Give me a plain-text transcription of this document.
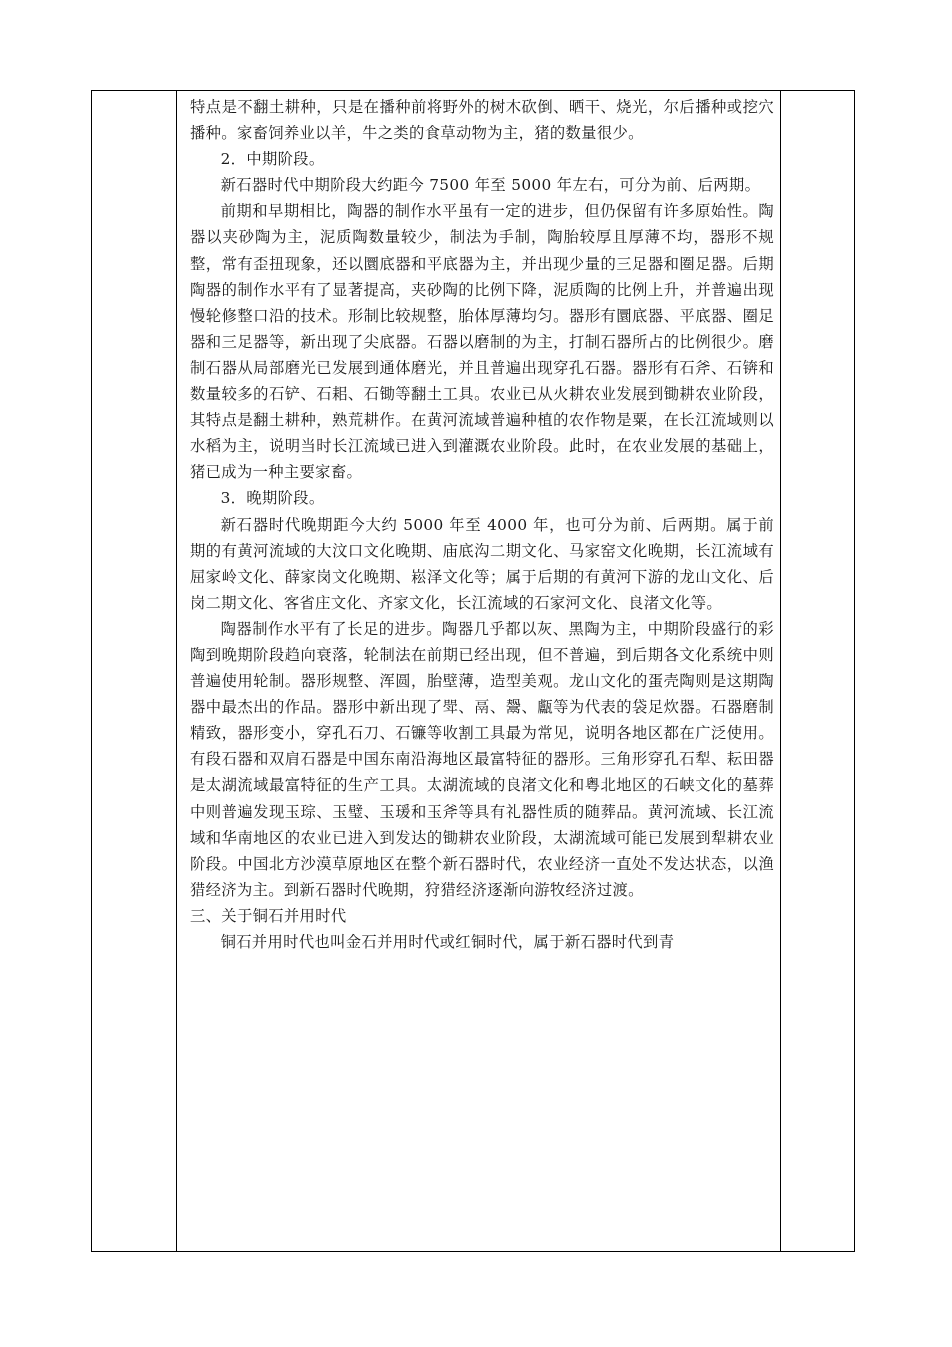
特点是不翻土耕种，只是在播种前将野外的树木砍倒、晒干、烧光，尔后播种或挖穴播种。家畜饲养业以羊，牛之类的食草动物为主，猪的数量很少。

2．中期阶段。

新石器时代中期阶段大约距今 7500 年至 5000 年左右，可分为前、后两期。

前期和早期相比，陶器的制作水平虽有一定的进步，但仍保留有许多原始性。陶器以夹砂陶为主，泥质陶数量较少，制法为手制，陶胎较厚且厚薄不均，器形不规整，常有歪扭现象，还以圜底器和平底器为主，并出现少量的三足器和圈足器。后期陶器的制作水平有了显著提高，夹砂陶的比例下降，泥质陶的比例上升，并普遍出现慢轮修整口沿的技术。形制比较规整，胎体厚薄均匀。器形有圜底器、平底器、圈足器和三足器等，新出现了尖底器。石器以磨制的为主，打制石器所占的比例很少。磨制石器从局部磨光已发展到通体磨光，并且普遍出现穿孔石器。器形有石斧、石锛和数量较多的石铲、石耜、石锄等翻土工具。农业已从火耕农业发展到锄耕农业阶段，其特点是翻土耕种，熟荒耕作。在黄河流域普遍种植的农作物是粟，在长江流域则以水稻为主，说明当时长江流域已进入到灌溉农业阶段。此时，在农业发展的基础上，猪已成为一种主要家畜。

3．晚期阶段。

新石器时代晚期距今大约 5000 年至 4000 年，也可分为前、后两期。属于前期的有黄河流域的大汶口文化晚期、庙底沟二期文化、马家窑文化晚期，长江流域有屈家岭文化、薛家岗文化晚期、崧泽文化等；属于后期的有黄河下游的龙山文化、后岗二期文化、客省庄文化、齐家文化，长江流域的石家河文化、良渚文化等。

陶器制作水平有了长足的进步。陶器几乎都以灰、黑陶为主，中期阶段盛行的彩陶到晚期阶段趋向衰落，轮制法在前期已经出现，但不普遍，到后期各文化系统中则普遍使用轮制。器形规整、浑圆，胎壁薄，造型美观。龙山文化的蛋壳陶则是这期陶器中最杰出的作品。器形中新出现了斝、鬲、鬶、甗等为代表的袋足炊器。石器磨制精致，器形变小，穿孔石刀、石镰等收割工具最为常见，说明各地区都在广泛使用。有段石器和双肩石器是中国东南沿海地区最富特征的器形。三角形穿孔石犁、耘田器是太湖流域最富特征的生产工具。太湖流域的良渚文化和粤北地区的石峡文化的墓葬中则普遍发现玉琮、玉璧、玉瑗和玉斧等具有礼器性质的随葬品。黄河流域、长江流域和华南地区的农业已进入到发达的锄耕农业阶段，太湖流域可能已发展到犁耕农业阶段。中国北方沙漠草原地区在整个新石器时代，农业经济一直处不发达状态，以渔猎经济为主。到新石器时代晚期，狩猎经济逐渐向游牧经济过渡。

三、关于铜石并用时代

铜石并用时代也叫金石并用时代或红铜时代，属于新石器时代到青
